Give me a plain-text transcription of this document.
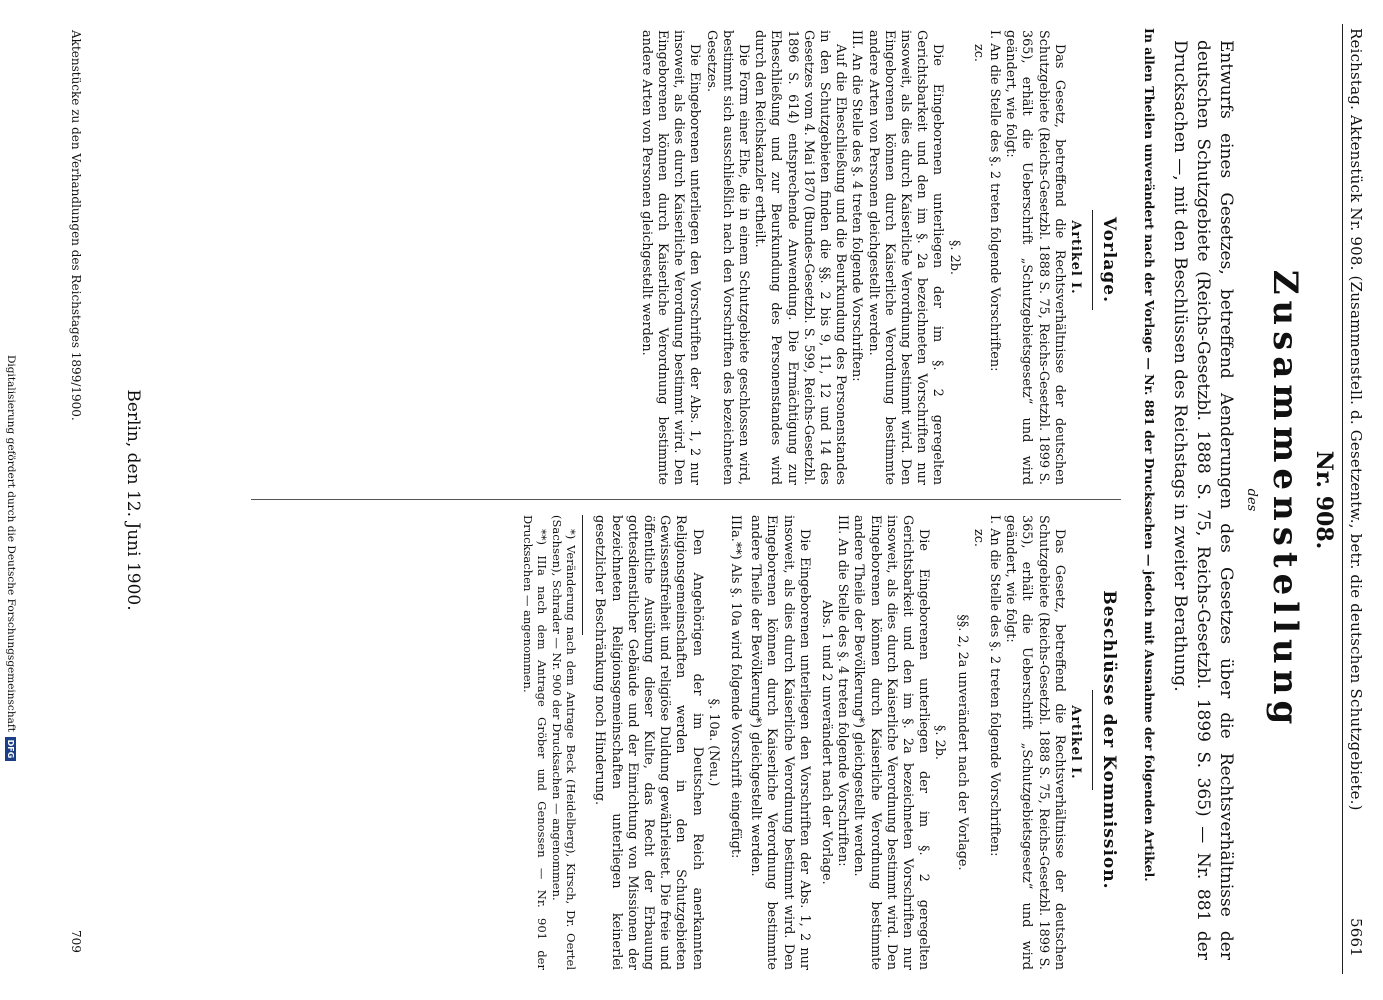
Reichstag. Aktenstück Nr. 908. (Zusammenstell. d. Gesetzentw., betr. die deutschen Schutzgebiete.)
5661
Nr. 908.
Zusammenstellung
des
Entwurfs eines Gesetzes, betreffend Aenderungen des Gesetzes über die Rechtsverhältnisse der deutschen Schutzgebiete (Reichs-Gesetzbl. 1888 S. 75, Reichs-Gesetzbl. 1899 S. 365) — Nr. 881 der Drucksachen —, mit den Beschlüssen des Reichstags in zweiter Berathung.
In allen Theilen unverändert nach der Vorlage — Nr. 881 der Drucksachen — jedoch mit Ausnahme der folgenden Artikel.
Vorlage.
Beschlüsse der Kommission.

Artikel I.

Das Gesetz, betreffend die Rechtsverhältnisse der deutschen Schutzgebiete (Reichs-Gesetzbl. 1888 S. 75, Reichs-Gesetzbl. 1899 S. 365), erhält die Ueberschrift „Schutzgebietsgesetz“ und wird geändert, wie folgt:

I. An die Stelle des §. 2 treten folgende Vorschriften:

zc.

§. 2b.

Die Eingeborenen unterliegen der im §. 2 geregelten Gerichtsbarkeit und den im §. 2a bezeichneten Vorschriften nur insoweit, als dies durch Kaiserliche Verordnung bestimmt wird. Den Eingeborenen können durch Kaiserliche Verordnung bestimmte andere Arten von Personen gleichgestellt werden.

III. An die Stelle des §. 4 treten folgende Vorschriften:

Auf die Eheschließung und die Beurkundung des Personenstandes in den Schutzgebieten finden die §§. 2 bis 9, 11, 12 und 14 des Gesetzes vom 4. Mai 1870 (Bundes-Gesetzbl. S. 599, Reichs-Gesetzbl. 1896 S. 614) entsprechende Anwendung. Die Ermächtigung zur Eheschließung und zur Beurkundung des Personenstandes wird durch den Reichskanzler ertheilt.

Die Form einer Ehe, die in einem Schutzgebiete geschlossen wird, bestimmt sich ausschließlich nach den Vorschriften des bezeichneten Gesetzes.

Die Eingeborenen unterliegen den Vorschriften der Abs. 1, 2 nur insoweit, als dies durch Kaiserliche Verordnung bestimmt wird. Den Eingeborenen können durch Kaiserliche Verordnung bestimmte andere Arten von Personen gleichgestellt werden.

Artikel I.

Das Gesetz, betreffend die Rechtsverhältnisse der deutschen Schutzgebiete (Reichs-Gesetzbl. 1888 S. 75, Reichs-Gesetzbl. 1899 S. 365), erhält die Ueberschrift „Schutzgebietsgesetz“ und wird geändert, wie folgt:

I. An die Stelle des §. 2 treten folgende Vorschriften:

zc.

§§. 2, 2a unverändert nach der Vorlage.

§. 2b.

Die Eingeborenen unterliegen der im §. 2 geregelten Gerichtsbarkeit und den im §. 2a bezeichneten Vorschriften nur insoweit, als dies durch Kaiserliche Verordnung bestimmt wird. Den Eingeborenen können durch Kaiserliche Verordnung bestimmte andere Theile der Bevölkerung*) gleichgestellt werden.

III. An die Stelle des §. 4 treten folgende Vorschriften:

Abs. 1 und 2 unverändert nach der Vorlage.

Die Eingeborenen unterliegen den Vorschriften der Abs. 1, 2 nur insoweit, als dies durch Kaiserliche Verordnung bestimmt wird. Den Eingeborenen können durch Kaiserliche Verordnung bestimmte andere Theile der Bevölkerung*) gleichgestellt werden.

IIIa.**) Als §. 10a wird folgende Vorschrift eingefügt:

§. 10a. (Neu.)

Den Angehörigen der im Deutschen Reich anerkannten Religionsgemeinschaften werden in den Schutzgebieten Gewissensfreiheit und religiöse Duldung gewährleistet. Die freie und öffentliche Ausübung dieser Kulte, das Recht der Erbauung gottesdienstlicher Gebäude und der Einrichtung von Missionen der bezeichneten Religionsgemeinschaften unterliegen keinerlei gesetzlicher Beschränkung noch Hinderung.

*) Veränderung nach dem Antrage Beck (Heidelberg), Kirsch, Dr. Oertel (Sachsen), Schrader — Nr. 900 der Drucksachen — angenommen.

**) IIIa nach dem Antrage Gröber und Genossen — Nr. 901 der Drucksachen — angenommen.

Berlin, den 12. Juni 1900.
Aktenstücke zu den Verhandlungen des Reichstages 1899/1900.
709
Digitalisierung gefördert durch die Deutsche Forschungsgemeinschaft
DFG
